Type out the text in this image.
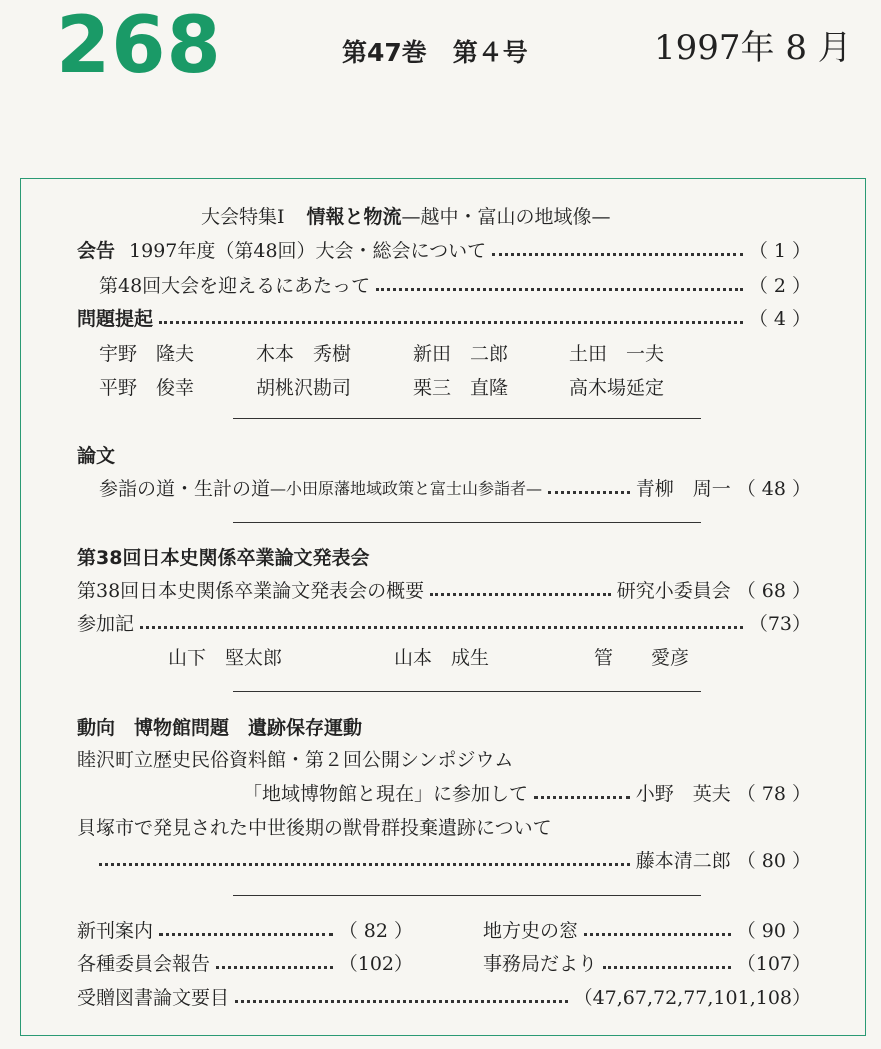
268	第47巻 第４号	1997年 8 月
大会特集Ⅰ 情報と物流 —越中・富山の地域像—
会告 1997年度（第48回）大会・総会について	（ 1 ）
第48回大会を迎えるにあたって	（ 2 ）
問題提起	（ 4 ）
宇野　隆夫	木本　秀樹	新田　二郎	土田　一夫
平野　俊幸	胡桃沢勘司	栗三　直隆	高木場延定
論文
参詣の道・生計の道 —小田原藩地域政策と富士山参詣者—	青柳　周一 （ 48 ）
第38回日本史関係卒業論文発表会
第38回日本史関係卒業論文発表会の概要	研究小委員会 （ 68 ）
参加記	（73）
山下　堅太郎	山本　成生	管　　愛彦
動向　博物館問題　遺跡保存運動
睦沢町立歴史民俗資料館・第２回公開シンポジウム
「地域博物館と現在」に参加して	小野　英夫 （ 78 ）
貝塚市で発見された中世後期の獣骨群投棄遺跡について
藤本清二郎 （ 80 ）
新刊案内	（ 82 ）	地方史の窓	（ 90 ）
各種委員会報告	（102）	事務局だより	（107）
受贈図書論文要目	（47,67,72,77,101,108）
